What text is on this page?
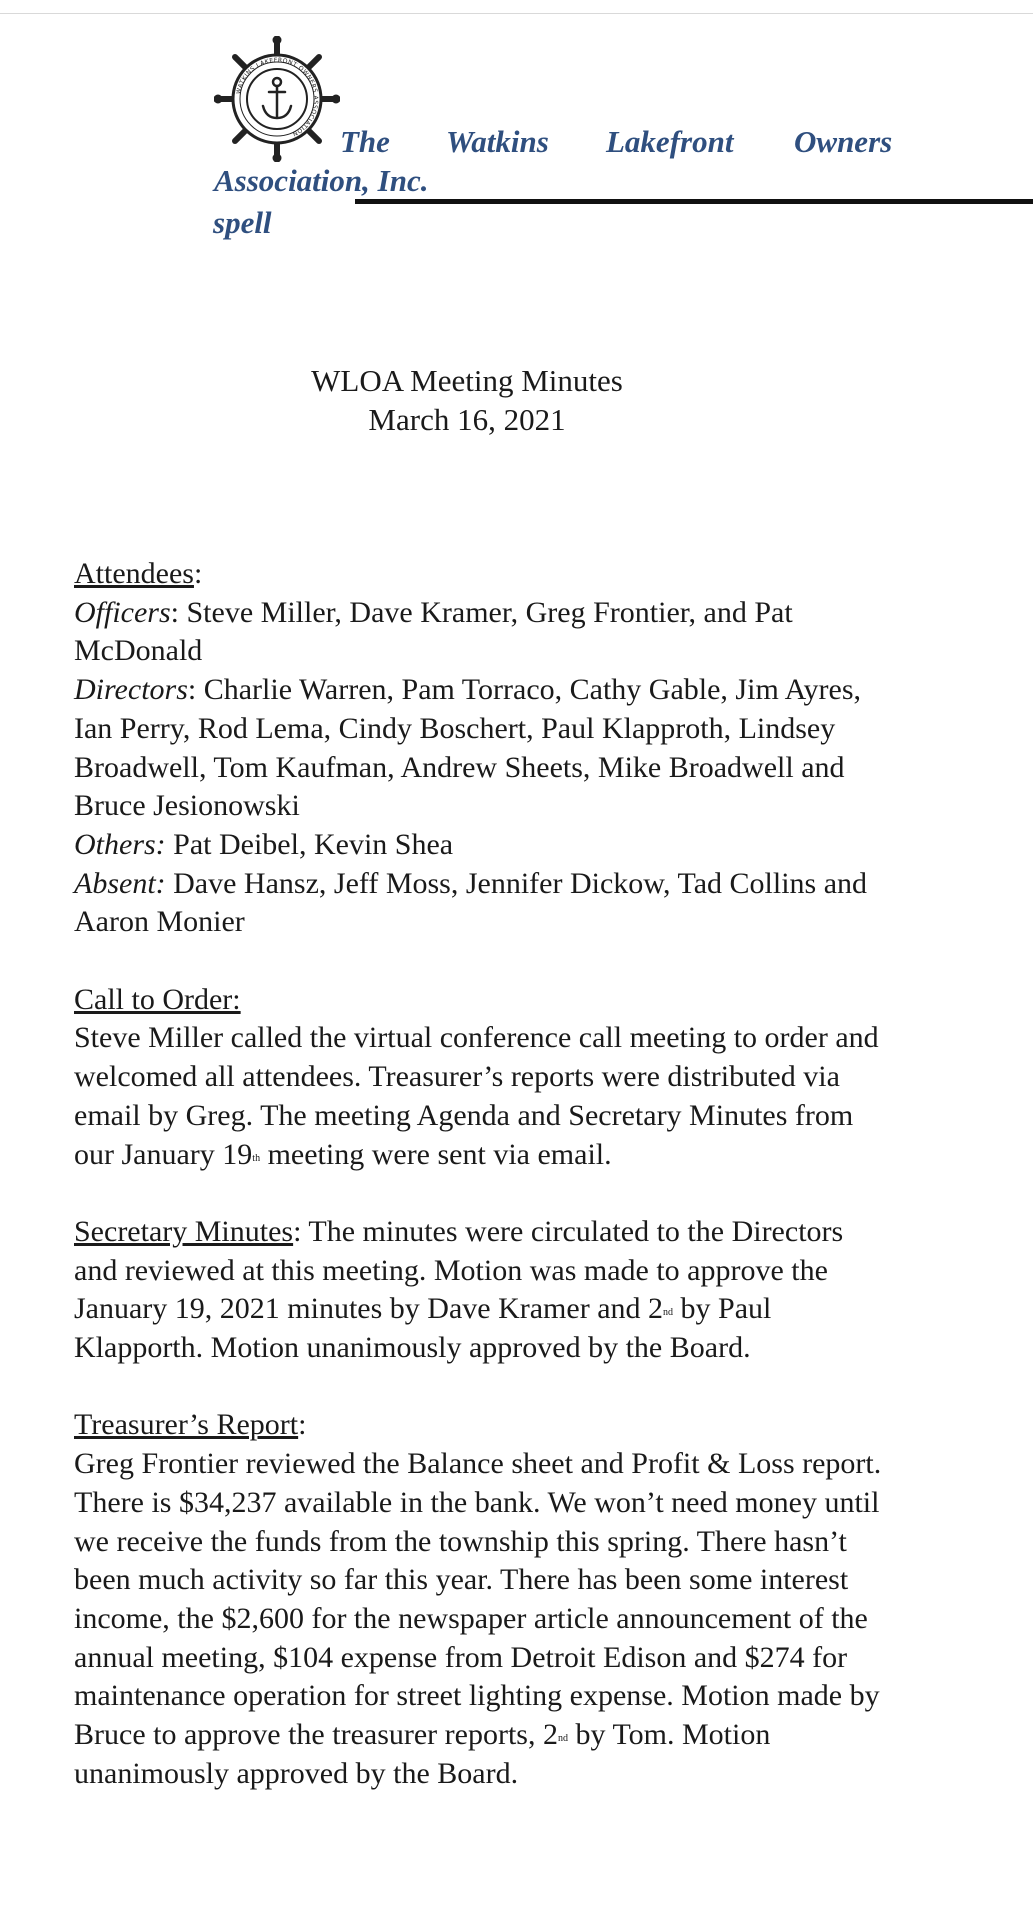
WATKINS LAKEFRONT OWNERS ASSOCIATION	The Watkins Lakefront Owners
Association, Inc.
spell
WLOA Meeting Minutes
March 16, 2021

Attendees:

Officers: Steve Miller, Dave Kramer, Greg Frontier, and Pat McDonald

Directors: Charlie Warren, Pam Torraco, Cathy Gable, Jim Ayres, Ian Perry, Rod Lema, Cindy Boschert, Paul Klapproth, Lindsey Broadwell, Tom Kaufman, Andrew Sheets, Mike Broadwell and Bruce Jesionowski

Others: Pat Deibel, Kevin Shea

Absent: Dave Hansz, Jeff Moss, Jennifer Dickow, Tad Collins and Aaron Monier

Call to Order:

Steve Miller called the virtual conference call meeting to order and welcomed all attendees. Treasurer’s reports were distributed via email by Greg. The meeting Agenda and Secretary Minutes from our January 19th meeting were sent via email.

Secretary Minutes: The minutes were circulated to the Directors and reviewed at this meeting. Motion was made to approve the January 19, 2021 minutes by Dave Kramer and 2nd by Paul Klapporth. Motion unanimously approved by the Board.

Treasurer’s Report:

Greg Frontier reviewed the Balance sheet and Profit & Loss report. There is $34,237 available in the bank. We won’t need money until we receive the funds from the township this spring. There hasn’t been much activity so far this year. There has been some interest income, the $2,600 for the newspaper article announcement of the annual meeting, $104 expense from Detroit Edison and $274 for maintenance operation for street lighting expense. Motion made by Bruce to approve the treasurer reports, 2nd by Tom. Motion unanimously approved by the Board.
